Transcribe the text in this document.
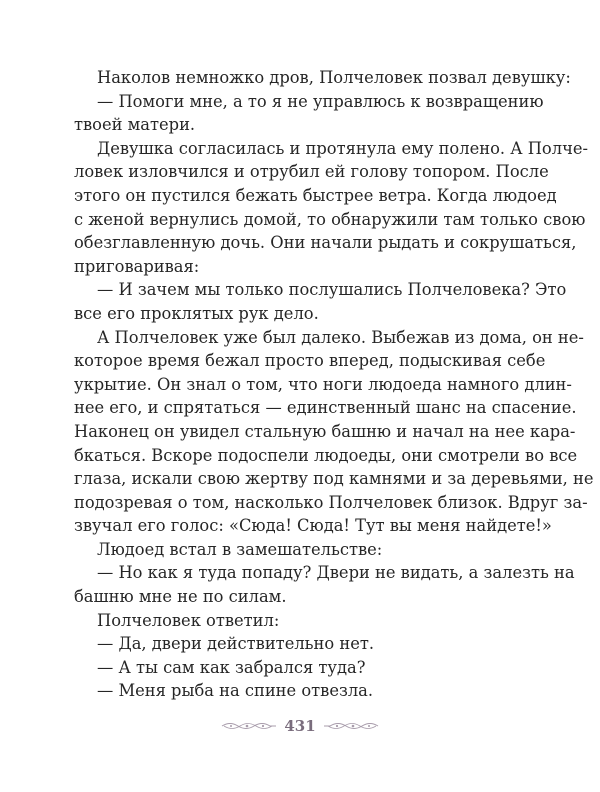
Наколов немножко дров, Полчеловек позвал девушку:
— Помоги мне, а то я не управлюсь к возвращению
твоей матери.
Девушка согласилась и протянула ему полено. А Полче-
ловек изловчился и отрубил ей голову топором. После
этого он пустился бежать быстрее ветра. Когда людоед
с женой вернулись домой, то обнаружили там только свою
обезглавленную дочь. Они начали рыдать и сокрушаться,
приговаривая:
— И зачем мы только послушались Полчеловека? Это
все его проклятых рук дело.
А Полчеловек уже был далеко. Выбежав из дома, он не-
которое время бежал просто вперед, подыскивая себе
укрытие. Он знал о том, что ноги людоеда намного длин-
нее его, и спрятаться — единственный шанс на спасение.
Наконец он увидел стальную башню и начал на нее кара-
бкаться. Вскоре подоспели людоеды, они смотрели во все
глаза, искали свою жертву под камнями и за деревьями, не
подозревая о том, насколько Полчеловек близок. Вдруг за-
звучал его голос: «Сюда! Сюда! Тут вы меня найдете!»
Людоед встал в замешательстве:
— Но как я туда попаду? Двери не видать, а залезть на
башню мне не по силам.
Полчеловек ответил:
— Да, двери действительно нет.
— А ты сам как забрался туда?
— Меня рыба на спине отвезла.
431
